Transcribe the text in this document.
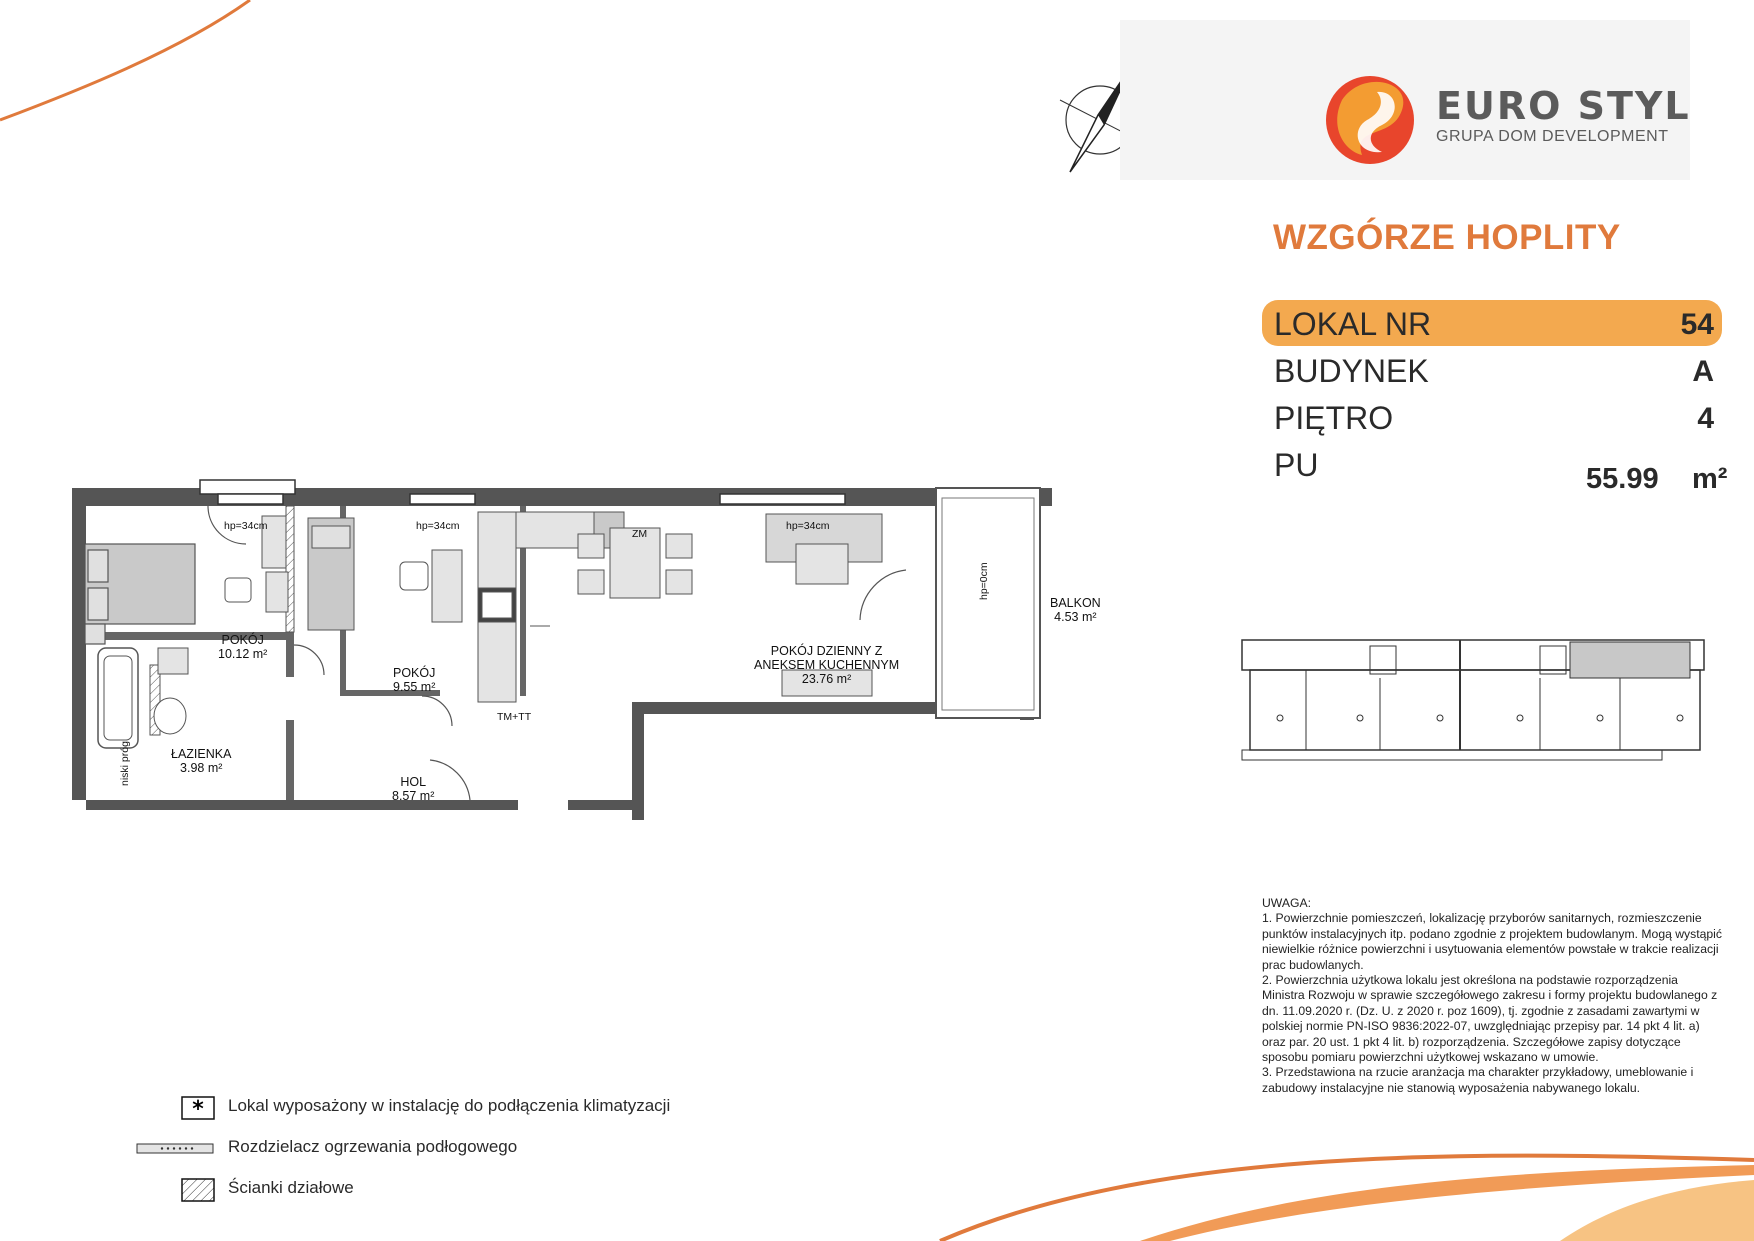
EURO STYL
GRUPA DOM DEVELOPMENT
WZGÓRZE HOPLITY
LOKAL NR	54
BUDYNEK	A
PIĘTRO	4
PU	55.99 m²
POKÓJ
10.12 m²
POKÓJ
9.55 m²
POKÓJ DZIENNY Z
ANEKSEM KUCHENNYM
23.76 m²
BALKON
4.53 m²
ŁAZIENKA
3.98 m²
HOL
8.57 m²
hp=34cm	hp=34cm	hp=34cm
hp=0cm
ZM
TM+TT
niski próg
UWAGA:
1. Powierzchnie pomieszczeń, lokalizację przyborów sanitarnych, rozmieszczenie punktów instalacyjnych itp. podano zgodnie z projektem budowlanym. Mogą wystąpić niewielkie różnice powierzchni i usytuowania elementów powstałe w trakcie realizacji prac budowlanych.
2. Powierzchnia użytkowa lokalu jest określona na podstawie rozporządzenia Ministra Rozwoju w sprawie szczegółowego zakresu i formy projektu budowlanego z dn. 11.09.2020 r. (Dz. U. z 2020 r. poz 1609), tj. zgodnie z zasadami zawartymi w polskiej normie PN-ISO 9836:2022-07, uwzględniając przepisy par. 14 pkt 4 lit. a) oraz par. 20 ust. 1 pkt 4 lit. b) rozporządzenia. Szczegółowe zapisy dotyczące sposobu pomiaru powierzchni użytkowej wskazano w umowie.
3. Przedstawiona na rzucie aranżacja ma charakter przykładowy, umeblowanie i zabudowy instalacyjne nie stanowią wyposażenia nabywanego lokalu.
* Lokal wyposażony w instalację do podłączenia klimatyzacji
Rozdzielacz ogrzewania podłogowego
Ścianki działowe
